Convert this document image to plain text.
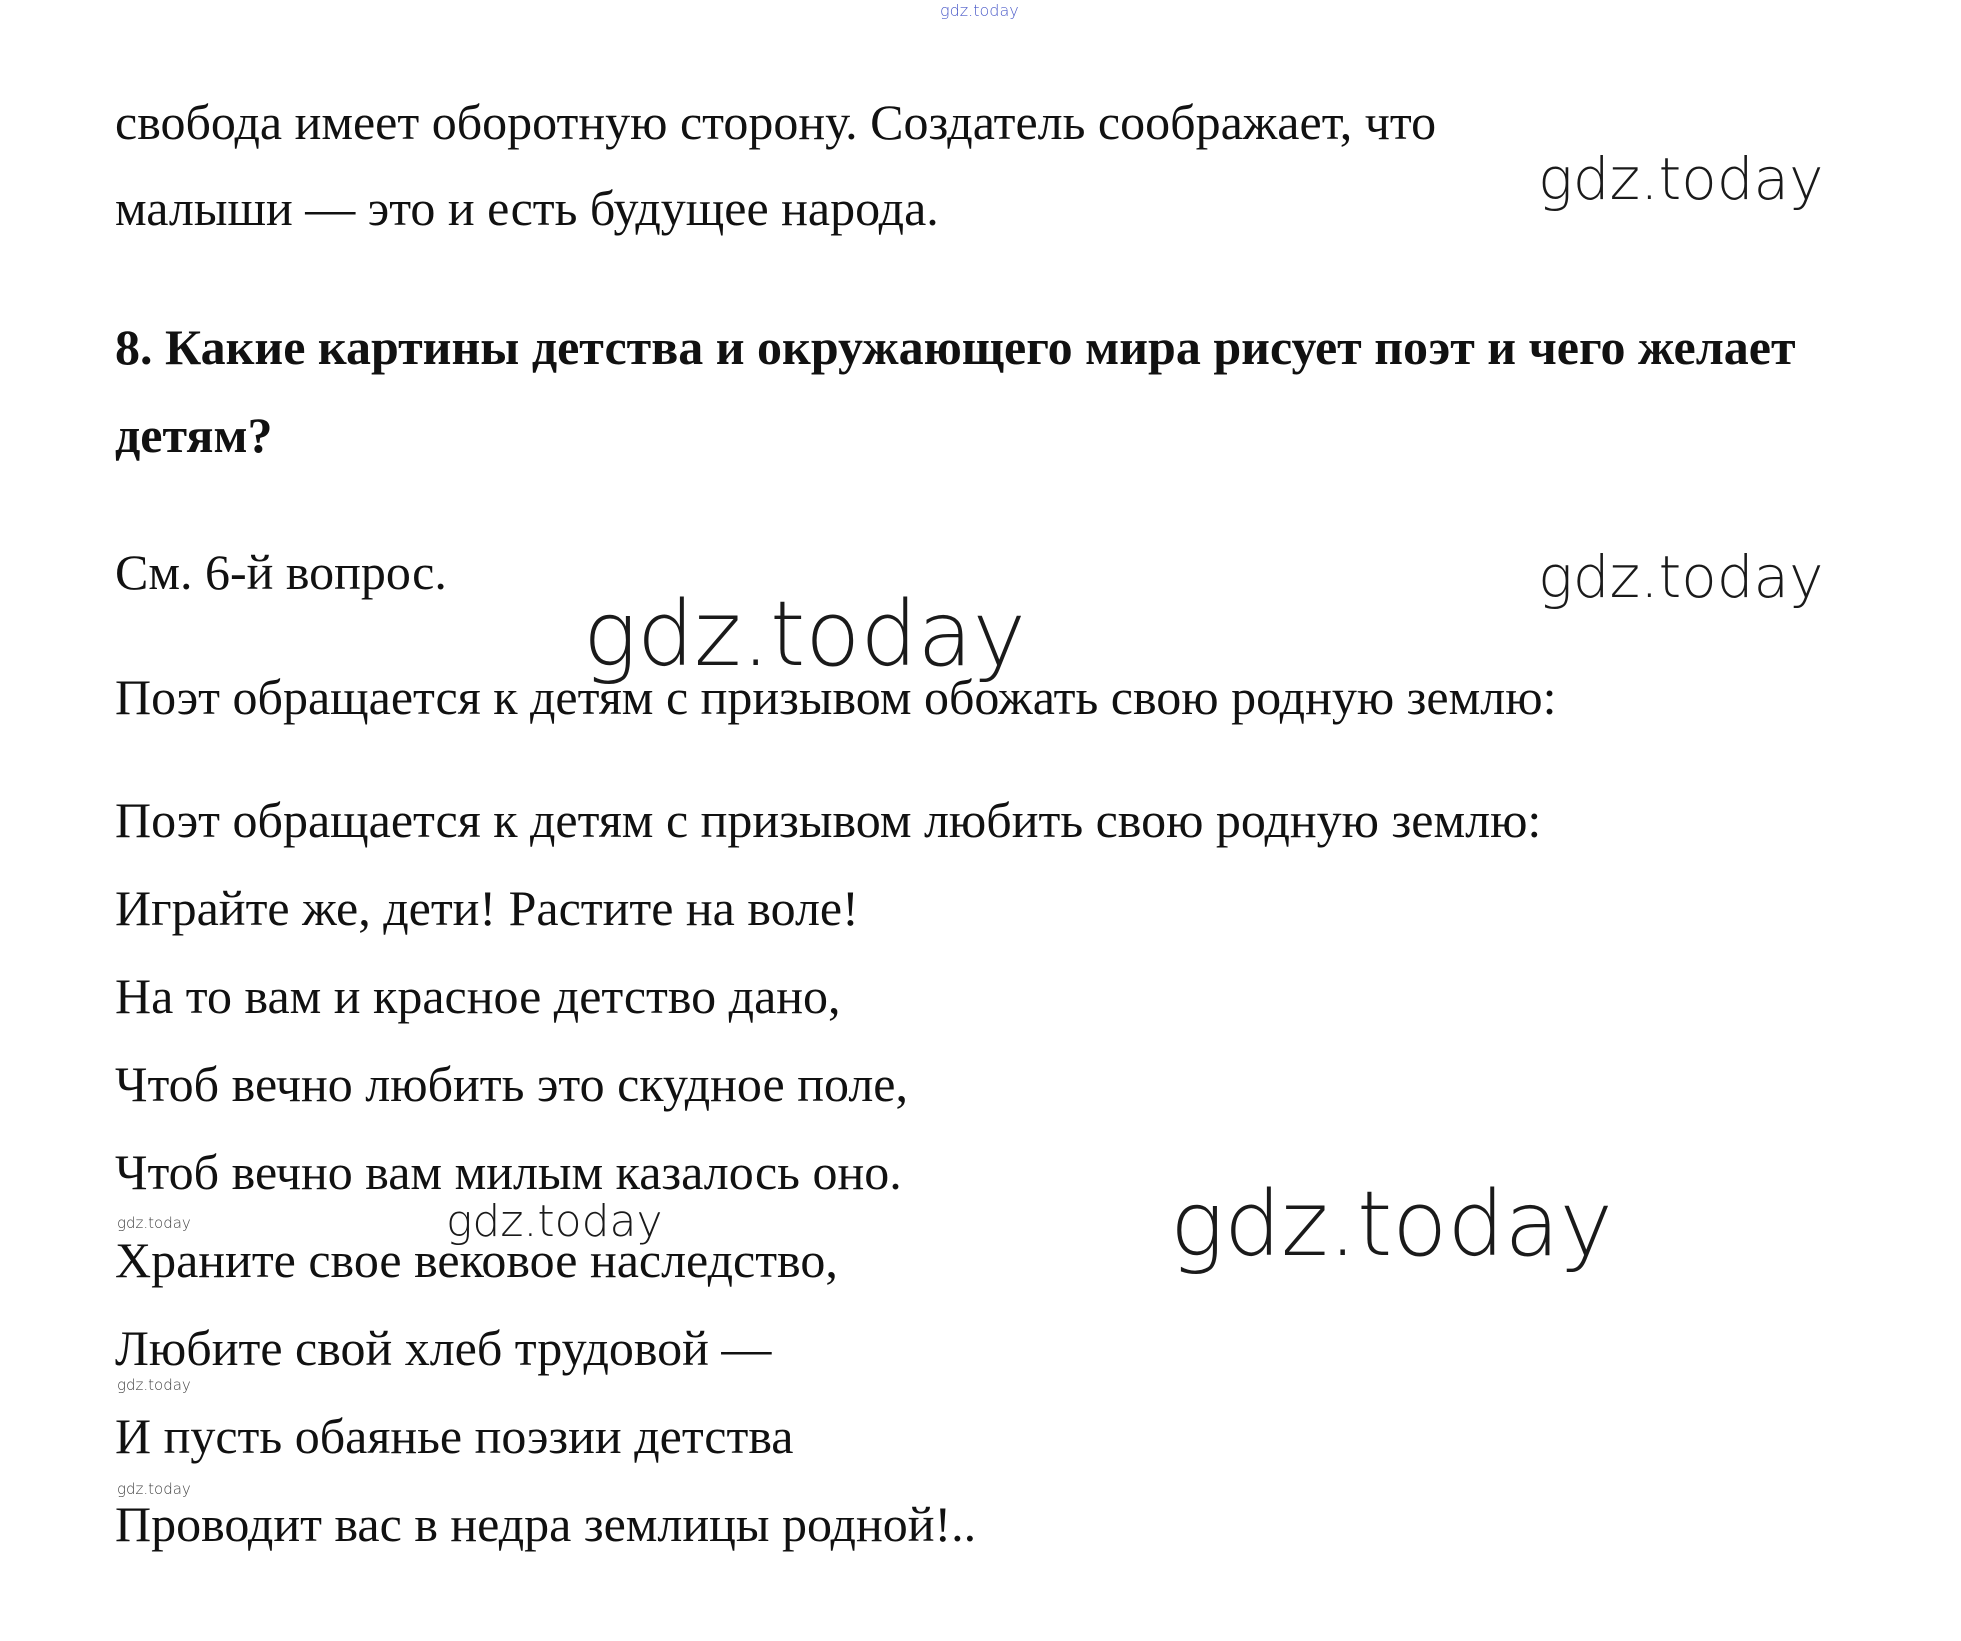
gdz.today

свобода имеет оборотную сторону. Создатель соображает, что

малыши — это и есть будущее народа.

8. Какие картины детства и окружающего мира рисует поэт и чего желает детям?

См. 6-й вопрос.

Поэт обращается к детям с призывом обожать свою родную землю:

Поэт обращается к детям с призывом любить свою родную землю:

Играйте же, дети! Растите на воле!

На то вам и красное детство дано,

Чтоб вечно любить это скудное поле,

Чтоб вечно вам милым казалось оно.

Храните свое вековое наследство,

Любите свой хлеб трудовой —

И пусть обаянье поэзии детства

Проводит вас в недра землицы родной!..

gdz.today
gdz.today
gdz.today
gdz.today
gdz.today
gdz.today
gdz.today
gdz.today
